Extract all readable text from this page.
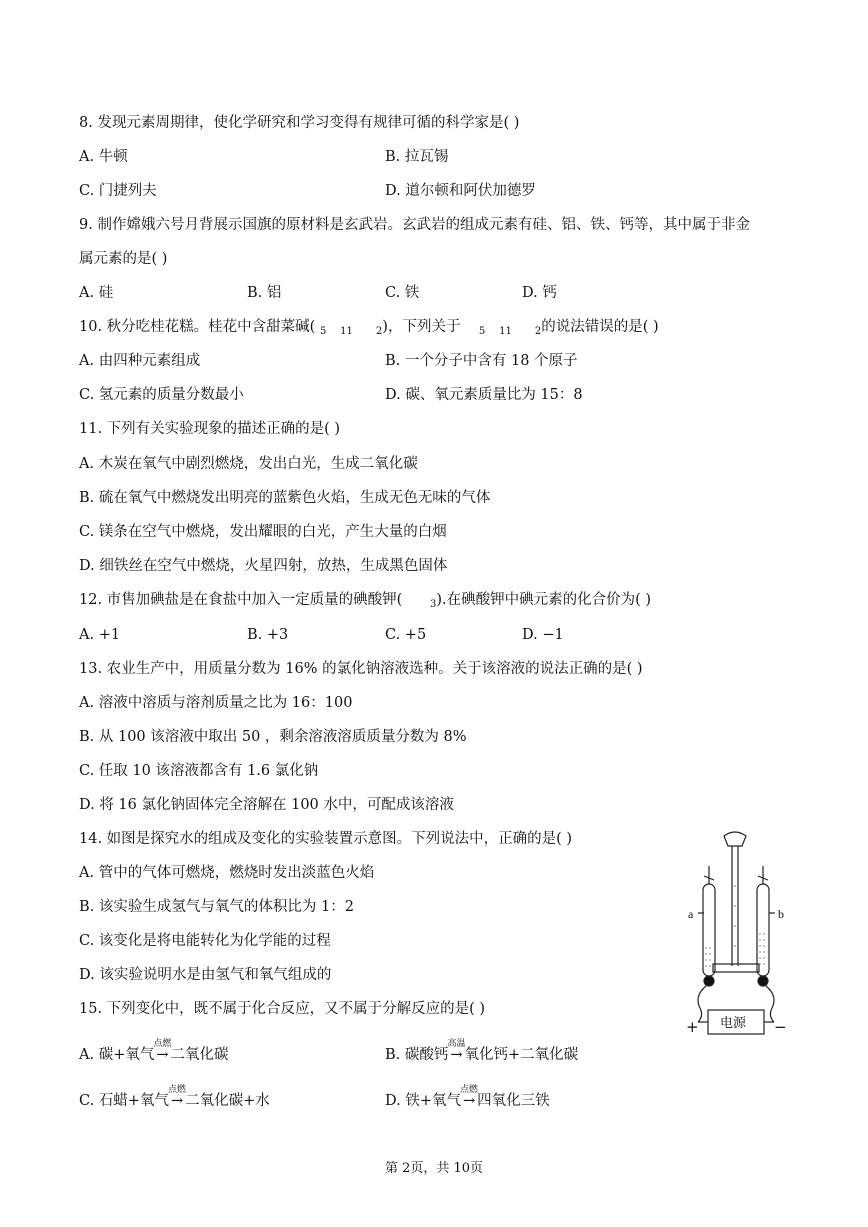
8. 发现元素周期律，使化学研究和学习变得有规律可循的科学家是( )
A. 牛顿	B. 拉瓦锡
C. 门捷列夫	D. 道尔顿和阿伏加德罗
9. 制作嫦娥六号月背展示国旗的原材料是玄武岩。玄武岩的组成元素有硅、铝、铁、钙等，其中属于非金
属元素的是( )
A. 硅	B. 铝	C. 铁	D. 钙
10. 秋分吃桂花糕。桂花中含甜菜碱( $_5$ $_{11}$ $_2$)，下列关于 $_5$ $_{11}$ $_2$的说法错误的是( )
A. 由四种元素组成	B. 一个分子中含有 18 个原子
C. 氢元素的质量分数最小	D. 碳、氧元素质量比为 15：8
11. 下列有关实验现象的描述正确的是( )
A. 木炭在氧气中剧烈燃烧，发出白光，生成二氧化碳
B. 硫在氧气中燃烧发出明亮的蓝紫色火焰，生成无色无味的气体
C. 镁条在空气中燃烧，发出耀眼的白光，产生大量的白烟
D. 细铁丝在空气中燃烧，火星四射，放热，生成黑色固体
12. 市售加碘盐是在食盐中加入一定质量的碘酸钾(	$_3$).在碘酸钾中碘元素的化合价为( )
A. +1	B. +3	C. +5	D. −1
13. 农业生产中，用质量分数为 16% 的氯化钠溶液选种。关于该溶液的说法正确的是( )
A. 溶液中溶质与溶剂质量之比为 16：100
B. 从 100 该溶液中取出 50 ，剩余溶液溶质质量分数为 8%
C. 任取 10 该溶液都含有 1.6 氯化钠
D. 将 16 氯化钠固体完全溶解在 100 水中，可配成该溶液
14. 如图是探究水的组成及变化的实验装置示意图。下列说法中，正确的是( )
A. 管中的气体可燃烧，燃烧时发出淡蓝色火焰
B. 该实验生成氢气与氧气的体积比为 1：2
C. 该变化是将电能转化为化学能的过程
D. 该实验说明水是由氢气和氧气组成的
a	b
电源
+	−
15. 下列变化中，既不属于化合反应，又不属于分解反应的是( )
A. 碳+氧气
点燃
→ 二氧化碳	B. 碳酸钙
高温
→ 氧化钙+二氧化碳
C. 石蜡+氧气
点燃
→ 二氧化碳+水	D. 铁+氧气
点燃
→ 四氧化三铁
第 2页，共 10页
